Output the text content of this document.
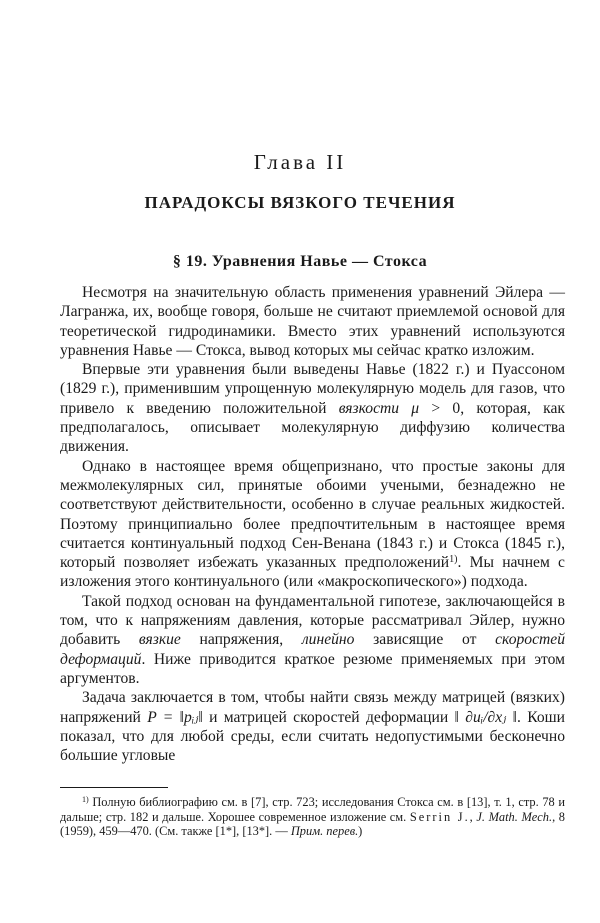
Глава II
ПАРАДОКСЫ ВЯЗКОГО ТЕЧЕНИЯ
§ 19. Уравнения Навье — Стокса

Несмотря на значительную область применения уравнений Эйлера — Лагранжа, их, вообще говоря, больше не считают приемлемой основой для теоретической гидродинамики. Вместо этих уравнений используются уравнения Навье — Стокса, вывод которых мы сейчас кратко изложим.

Впервые эти уравнения были выведены Навье (1822 г.) и Пуассоном (1829 г.), применившим упрощенную молекулярную модель для газов, что привело к введению положительной вязкости μ > 0, которая, как предполагалось, описывает молекулярную диффузию количества движения.

Однако в настоящее время общепризнано, что простые законы для межмолекулярных сил, принятые обоими учеными, безнадежно не соответствуют действительности, особенно в случае реальных жидкостей. Поэтому принципиально более предпочтительным в настоящее время считается континуальный подход Сен-Венана (1843 г.) и Стокса (1845 г.), который позволяет избежать указанных предположений$^{1)}$. Мы начнем с изложения этого континуального (или «макроскопического») подхода.

Такой подход основан на фундаментальной гипотезе, заключающейся в том, что к напряжениям давления, которые рассматривал Эйлер, нужно добавить вязкие напряжения, линейно зависящие от скоростей деформаций. Ниже приводится краткое резюме применяемых при этом аргументов.

Задача заключается в том, чтобы найти связь между матрицей (вязких) напряжений P = ‖pᵢⱼ‖ и матрицей скоростей деформации ‖ ∂uᵢ/∂xⱼ ‖. Коши показал, что для любой среды, если считать недопустимыми бесконечно большие угловые

$^{1)}$ Полную библиографию см. в [7], стр. 723; исследования Стокса см. в [13], т. 1, стр. 78 и дальше; стр. 182 и дальше. Хорошее современное изложение см. Serrin J., J. Math. Mech., 8 (1959), 459—470. (См. также [1*], [13*]. — Прим. перев.)
